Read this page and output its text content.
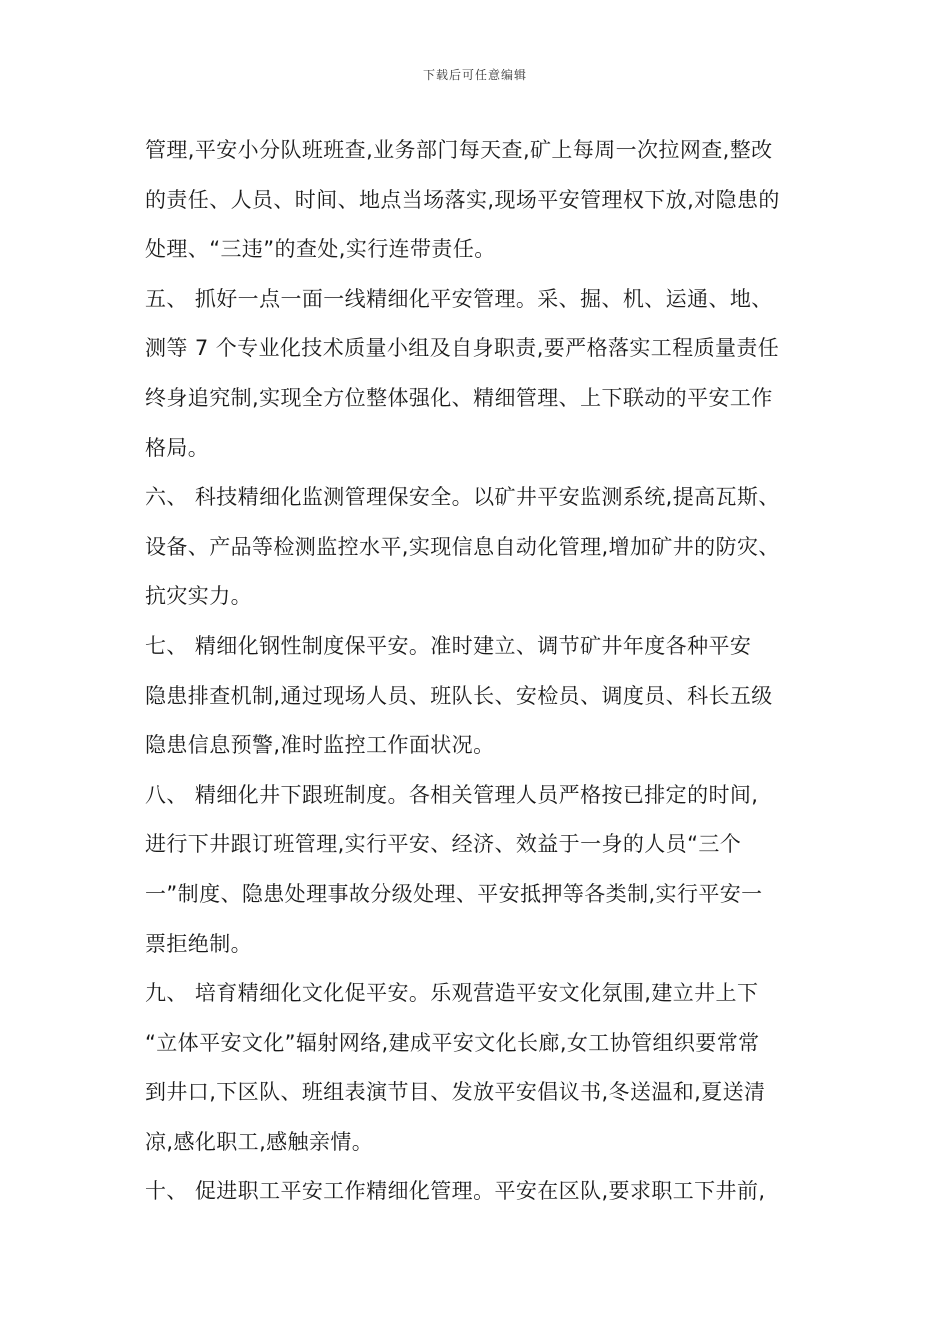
下载后可任意编辑
管理,平安小分队班班查,业务部门每天查,矿上每周一次拉网查,整改
的责任、人员、时间、地点当场落实,现场平安管理权下放,对隐患的
处理、“三违”的查处,实行连带责任。
五、 抓好一点一面一线精细化平安管理。采、掘、机、运通、地、
测等 7 个专业化技术质量小组及自身职责,要严格落实工程质量责任
终身追究制,实现全方位整体强化、精细管理、上下联动的平安工作
格局。
六、 科技精细化监测管理保安全。以矿井平安监测系统,提高瓦斯、
设备、产品等检测监控水平,实现信息自动化管理,增加矿井的防灾、
抗灾实力。
七、 精细化钢性制度保平安。准时建立、调节矿井年度各种平安
隐患排查机制,通过现场人员、班队长、安检员、调度员、科长五级
隐患信息预警,准时监控工作面状况。
八、 精细化井下跟班制度。各相关管理人员严格按已排定的时间,
进行下井跟订班管理,实行平安、经济、效益于一身的人员“三个
一”制度、隐患处理事故分级处理、平安抵押等各类制,实行平安一
票拒绝制。
九、 培育精细化文化促平安。乐观营造平安文化氛围,建立井上下
“立体平安文化”辐射网络,建成平安文化长廊,女工协管组织要常常
到井口,下区队、班组表演节目、发放平安倡议书,冬送温和,夏送清
凉,感化职工,感触亲情。
十、 促进职工平安工作精细化管理。平安在区队,要求职工下井前,
